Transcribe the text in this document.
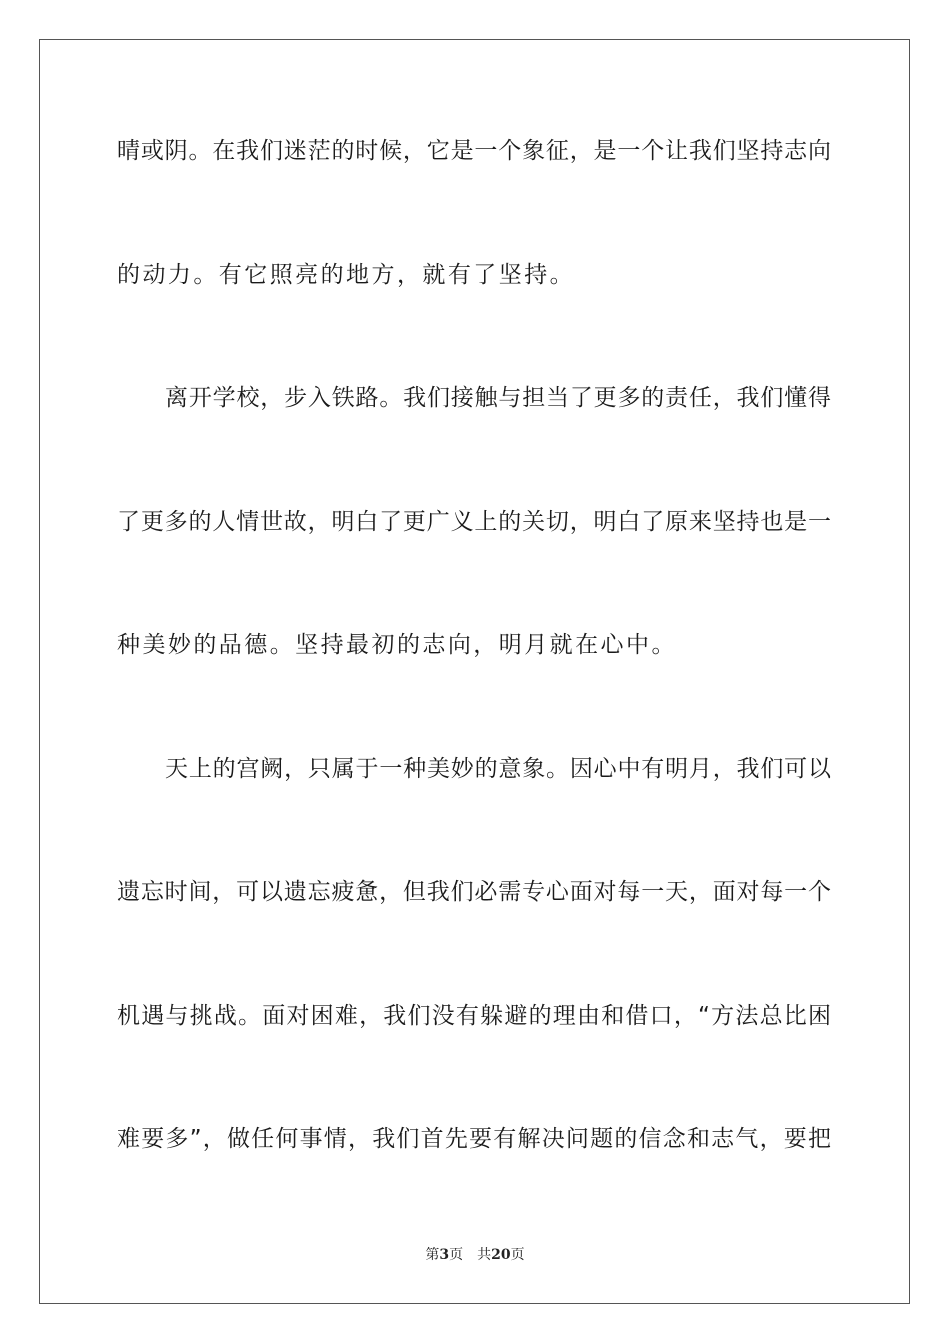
晴或阴。在我们迷茫的时候，它是一个象征，是一个让我们坚持志向
的动力。有它照亮的地方，就有了坚持。
离开学校，步入铁路。我们接触与担当了更多的责任，我们懂得
了更多的人情世故，明白了更广义上的关切，明白了原来坚持也是一
种美妙的品德。坚持最初的志向，明月就在心中。
天上的宫阙，只属于一种美妙的意象。因心中有明月，我们可以
遗忘时间，可以遗忘疲惫，但我们必需专心面对每一天，面对每一个
机遇与挑战。面对困难，我们没有躲避的理由和借口，“方法总比困
难要多”，做任何事情，我们首先要有解决问题的信念和志气，要把
第3页 共20页
